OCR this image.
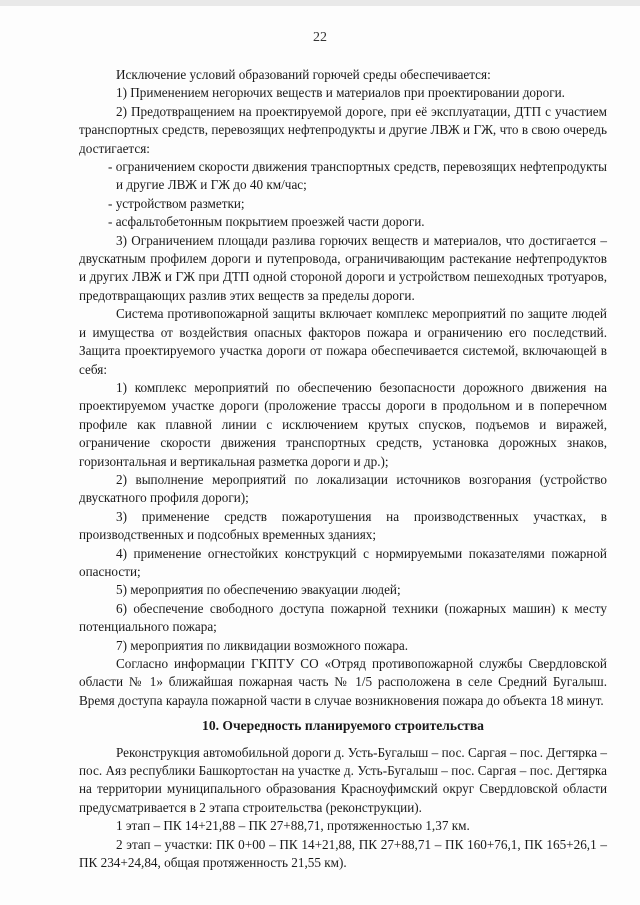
22

Исключение условий образований горючей среды обеспечивается:

1) Применением негорючих веществ и материалов при проектировании дороги.

2) Предотвращением на проектируемой дороге, при её эксплуатации, ДТП с участием транспортных средств, перевозящих нефтепродукты и другие ЛВЖ и ГЖ, что в свою очередь достигается:

- ограничением скорости движения транспортных средств, перевозящих нефтепродукты и другие ЛВЖ и ГЖ до 40 км/час;

- устройством разметки;

- асфальтобетонным покрытием проезжей части дороги.

3) Ограничением площади разлива горючих веществ и материалов, что достигается – двускатным профилем дороги и путепровода, ограничивающим растекание нефтепродуктов и других ЛВЖ и ГЖ при ДТП одной стороной дороги и устройством пешеходных тротуаров, предотвращающих разлив этих веществ за пределы дороги.

Система противопожарной защиты включает комплекс мероприятий по защите людей и имущества от воздействия опасных факторов пожара и ограничению его последствий. Защита проектируемого участка дороги от пожара обеспечивается системой, включающей в себя:

1) комплекс мероприятий по обеспечению безопасности дорожного движения на проектируемом участке дороги (проложение трассы дороги в продольном и в поперечном профиле как плавной линии с исключением крутых спусков, подъемов и виражей, ограничение скорости движения транспортных средств, установка дорожных знаков, горизонтальная и вертикальная разметка дороги и др.);

2) выполнение мероприятий по локализации источников возгорания (устройство двускатного профиля дороги);

3) применение средств пожаротушения на производственных участках, в производственных и подсобных временных зданиях;

4) применение огнестойких конструкций с нормируемыми показателями пожарной опасности;

5) мероприятия по обеспечению эвакуации людей;

6) обеспечение свободного доступа пожарной техники (пожарных машин) к месту потенциального пожара;

7) мероприятия по ликвидации возможного пожара.

Согласно информации ГКПТУ СО «Отряд противопожарной службы Свердловской области № 1» ближайшая пожарная часть № 1/5 расположена в селе Средний Бугалыш. Время доступа караула пожарной части в случае возникновения пожара до объекта 18 минут.

10. Очередность планируемого строительства

Реконструкция автомобильной дороги д. Усть-Бугалыш – пос. Саргая – пос. Дегтярка – пос. Аяз республики Башкортостан на участке д. Усть-Бугалыш – пос. Саргая – пос. Дегтярка на территории муниципального образования Красноуфимский округ Свердловской области предусматривается в 2 этапа строительства (реконструкции).

1 этап – ПК 14+21,88 – ПК 27+88,71, протяженностью 1,37 км.

2 этап – участки: ПК 0+00 – ПК 14+21,88, ПК 27+88,71 – ПК 160+76,1, ПК 165+26,1 – ПК 234+24,84, общая протяженность 21,55 км).
